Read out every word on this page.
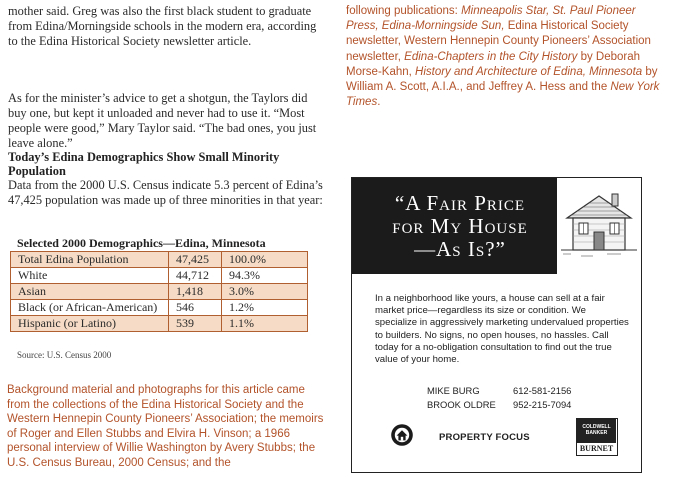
mother said. Greg was also the first black student to graduate from Edina/Morningside schools in the modern era, according to the Edina Historical Society newsletter article.

As for the minister’s advice to get a shotgun, the Taylors did buy one, but kept it unloaded and never had to use it. “Most people were good,” Mary Taylor said. “The bad ones, you just leave alone.”

Today’s Edina Demographics Show Small Minority Population

Data from the 2000 U.S. Census indicate 5.3 percent of Edina’s 47,425 population was made up of three minorities in that year:

Selected 2000 Demographics—Edina, Minnesota
Total Edina Population	47,425	100.0%
White	44,712	94.3%
Asian	1,418	3.0%
Black (or African-American)	546	1.2%
Hispanic (or Latino)	539	1.1%
Source: U.S. Census 2000

Background material and photographs for this article came from the collections of the Edina Historical Society and the Western Hennepin County Pioneers’ Association; the memoirs of Roger and Ellen Stubbs and Elvira H. Vinson; a 1966 personal interview of Willie Washington by Avery Stubbs; the U.S. Census Bureau, 2000 Census; and the

following publications: Minneapolis Star, St. Paul Pioneer Press, Edina-Morningside Sun, Edina Historical Society newsletter, Western Hennepin County Pioneers’ Association newsletter, Edina-Chapters in the City History by Deborah Morse-Kahn, History and Architecture of Edina, Minnesota by William A. Scott, A.I.A., and Jeffrey A. Hess and the New York Times.

“A Fair Price
for My House
—As Is?”

In a neighborhood like yours, a house can sell at a fair market price—regardless its size or condition. We specialize in aggressively marketing undervalued properties to builders. No signs, no open houses, no hassles. Call today for a no-obligation consultation to find out the true value of your home.

MIKE BURG	612-581-2156
BROOK OLDRE 952-215-7094
PROPERTY FOCUS
COLDWELL BANKER
BURNET
